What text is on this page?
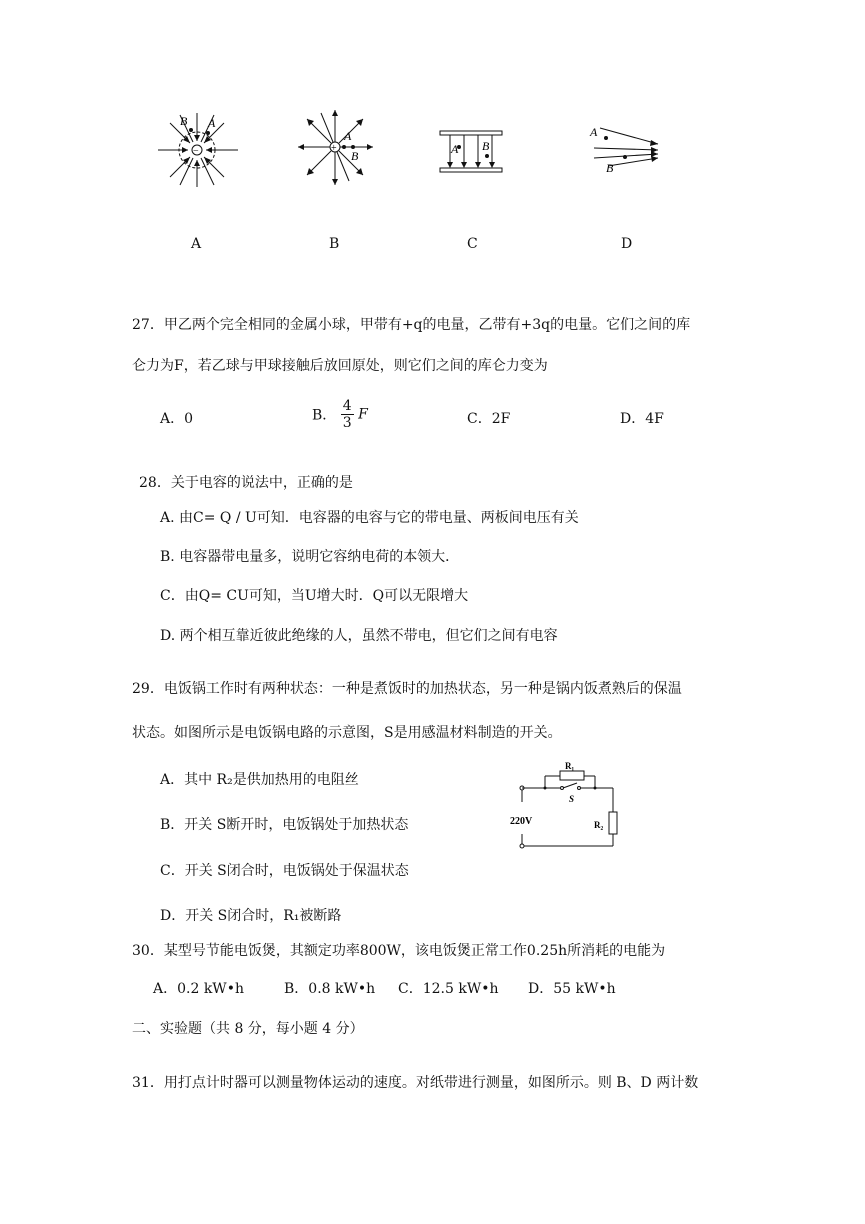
B A
−	+
A
B	A B
A
B
A	B	C	D
27．甲乙两个完全相同的金属小球，甲带有+q的电量，乙带有+3q的电量。它们之间的库
仑力为F，若乙球与甲球接触后放回原处，则它们之间的库仑力变为
A．0	B． $\frac{4}{3}$ F	C．2F	D．4F
28．关于电容的说法中，正确的是
A. 由C= Q / U可知．电容器的电容与它的带电量、两板间电压有关
B. 电容器带电量多，说明它容纳电荷的本领大．
C．由Q= CU可知，当U增大时．Q可以无限增大
D. 两个相互靠近彼此绝缘的人，虽然不带电，但它们之间有电容
29．电饭锅工作时有两种状态：一种是煮饭时的加热状态，另一种是锅内饭煮熟后的保温
状态。如图所示是电饭锅电路的示意图，S是用感温材料制造的开关。
A．其中 R₂是供加热用的电阻丝
B．开关 S断开时，电饭锅处于加热状态
C．开关 S闭合时，电饭锅处于保温状态
D．开关 S闭合时，R₁被断路
R₁
S
R₂
220V
30．某型号节能电饭煲，其额定功率800W，该电饭煲正常工作0.25h所消耗的电能为
A．0.2 kW•h	B．0.8 kW•h C．12.5 kW•h D．55 kW•h
二、实验题（共 8 分，每小题 4 分）
31．用打点计时器可以测量物体运动的速度。对纸带进行测量，如图所示。则 B、D 两计数
